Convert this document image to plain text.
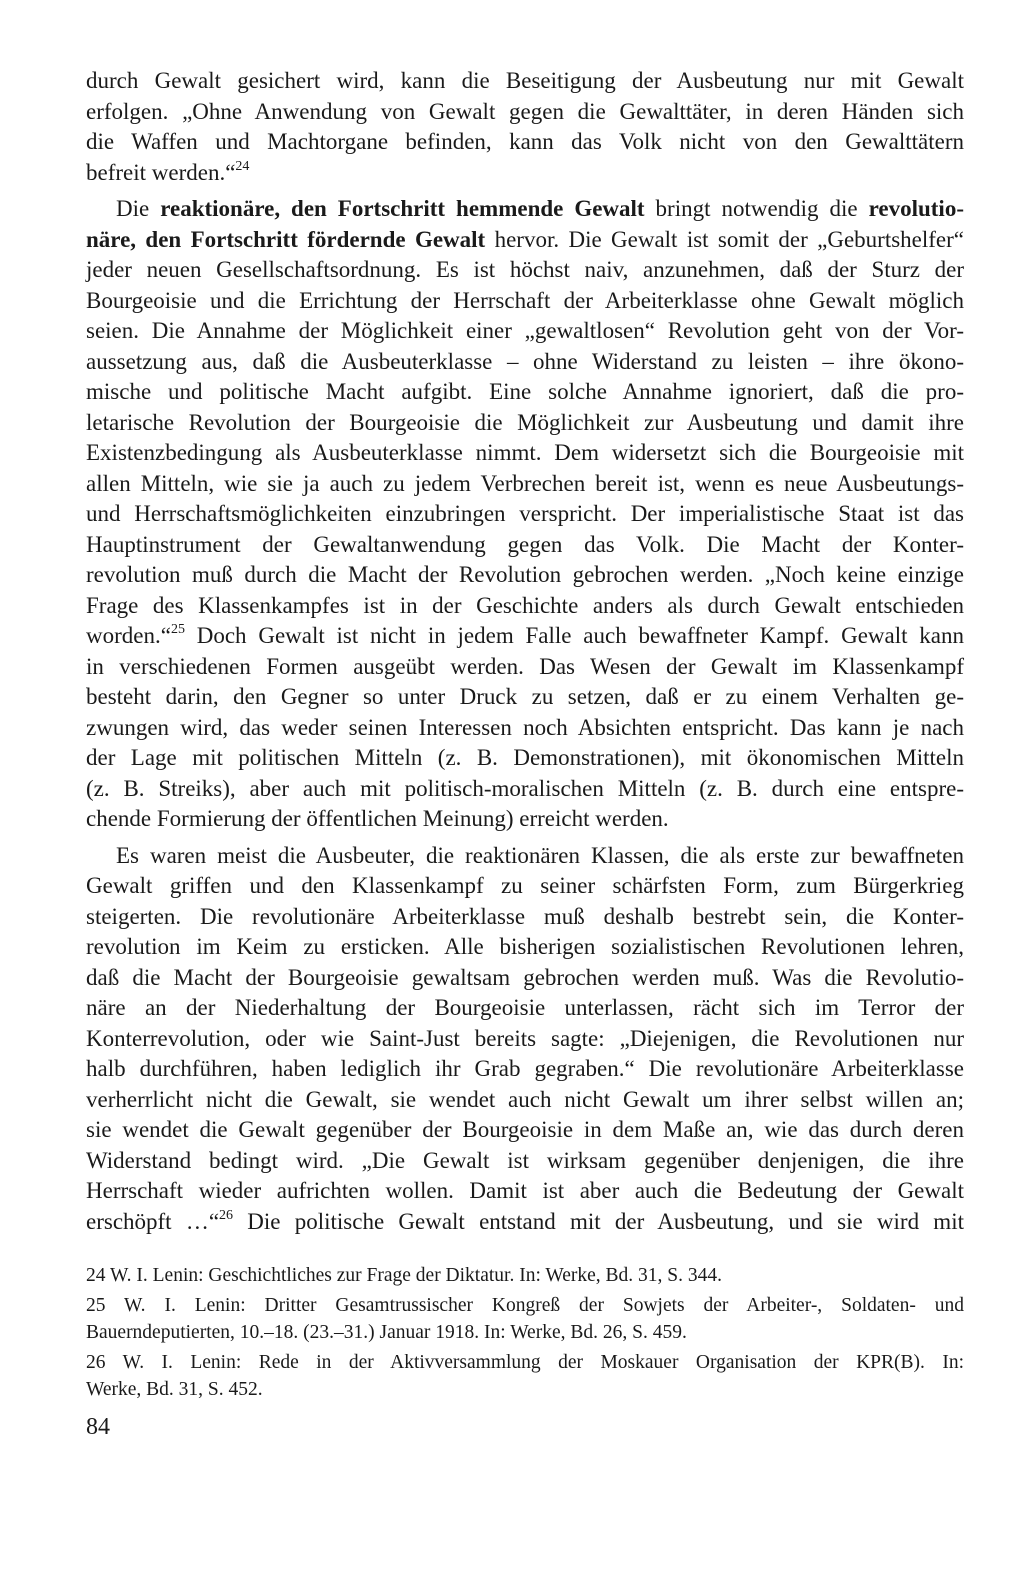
durch Gewalt gesichert wird, kann die Beseitigung der Ausbeutung nur mit Gewalt
erfolgen. „Ohne Anwendung von Gewalt gegen die Gewalttäter, in deren Händen sich
die Waffen und Machtorgane befinden, kann das Volk nicht von den Gewalttätern
befreit werden.“$^{24}$
Die reaktionäre, den Fortschritt hemmende Gewalt bringt notwendig die revolutio-
näre, den Fortschritt fördernde Gewalt hervor. Die Gewalt ist somit der „Geburtshelfer“
jeder neuen Gesellschaftsordnung. Es ist höchst naiv, anzunehmen, daß der Sturz der
Bourgeoisie und die Errichtung der Herrschaft der Arbeiterklasse ohne Gewalt möglich
seien. Die Annahme der Möglichkeit einer „gewaltlosen“ Revolution geht von der Vor-
aussetzung aus, daß die Ausbeuterklasse – ohne Widerstand zu leisten – ihre ökono-
mische und politische Macht aufgibt. Eine solche Annahme ignoriert, daß die pro-
letarische Revolution der Bourgeoisie die Möglichkeit zur Ausbeutung und damit ihre
Existenzbedingung als Ausbeuterklasse nimmt. Dem widersetzt sich die Bourgeoisie mit
allen Mitteln, wie sie ja auch zu jedem Verbrechen bereit ist, wenn es neue Ausbeutungs-
und Herrschaftsmöglichkeiten einzubringen verspricht. Der imperialistische Staat ist das
Hauptinstrument der Gewaltanwendung gegen das Volk. Die Macht der Konter-
revolution muß durch die Macht der Revolution gebrochen werden. „Noch keine einzige
Frage des Klassenkampfes ist in der Geschichte anders als durch Gewalt entschieden
worden.“$^{25}$ Doch Gewalt ist nicht in jedem Falle auch bewaffneter Kampf. Gewalt kann
in verschiedenen Formen ausgeübt werden. Das Wesen der Gewalt im Klassenkampf
besteht darin, den Gegner so unter Druck zu setzen, daß er zu einem Verhalten ge-
zwungen wird, das weder seinen Interessen noch Absichten entspricht. Das kann je nach
der Lage mit politischen Mitteln (z. B. Demonstrationen), mit ökonomischen Mitteln
(z. B. Streiks), aber auch mit politisch-moralischen Mitteln (z. B. durch eine entspre-
chende Formierung der öffentlichen Meinung) erreicht werden.
Es waren meist die Ausbeuter, die reaktionären Klassen, die als erste zur bewaffneten
Gewalt griffen und den Klassenkampf zu seiner schärfsten Form, zum Bürgerkrieg
steigerten. Die revolutionäre Arbeiterklasse muß deshalb bestrebt sein, die Konter-
revolution im Keim zu ersticken. Alle bisherigen sozialistischen Revolutionen lehren,
daß die Macht der Bourgeoisie gewaltsam gebrochen werden muß. Was die Revolutio-
näre an der Niederhaltung der Bourgeoisie unterlassen, rächt sich im Terror der
Konterrevolution, oder wie Saint-Just bereits sagte: „Diejenigen, die Revolutionen nur
halb durchführen, haben lediglich ihr Grab gegraben.“ Die revolutionäre Arbeiterklasse
verherrlicht nicht die Gewalt, sie wendet auch nicht Gewalt um ihrer selbst willen an;
sie wendet die Gewalt gegenüber der Bourgeoisie in dem Maße an, wie das durch deren
Widerstand bedingt wird. „Die Gewalt ist wirksam gegenüber denjenigen, die ihre
Herrschaft wieder aufrichten wollen. Damit ist aber auch die Bedeutung der Gewalt
erschöpft …“$^{26}$ Die politische Gewalt entstand mit der Ausbeutung, und sie wird mit
24 W. I. Lenin: Geschichtliches zur Frage der Diktatur. In: Werke, Bd. 31, S. 344.
25 W. I. Lenin: Dritter Gesamtrussischer Kongreß der Sowjets der Arbeiter-, Soldaten- und
Bauerndeputierten, 10.–18. (23.–31.) Januar 1918. In: Werke, Bd. 26, S. 459.
26 W. I. Lenin: Rede in der Aktivversammlung der Moskauer Organisation der KPR(B). In:
Werke, Bd. 31, S. 452.
84
